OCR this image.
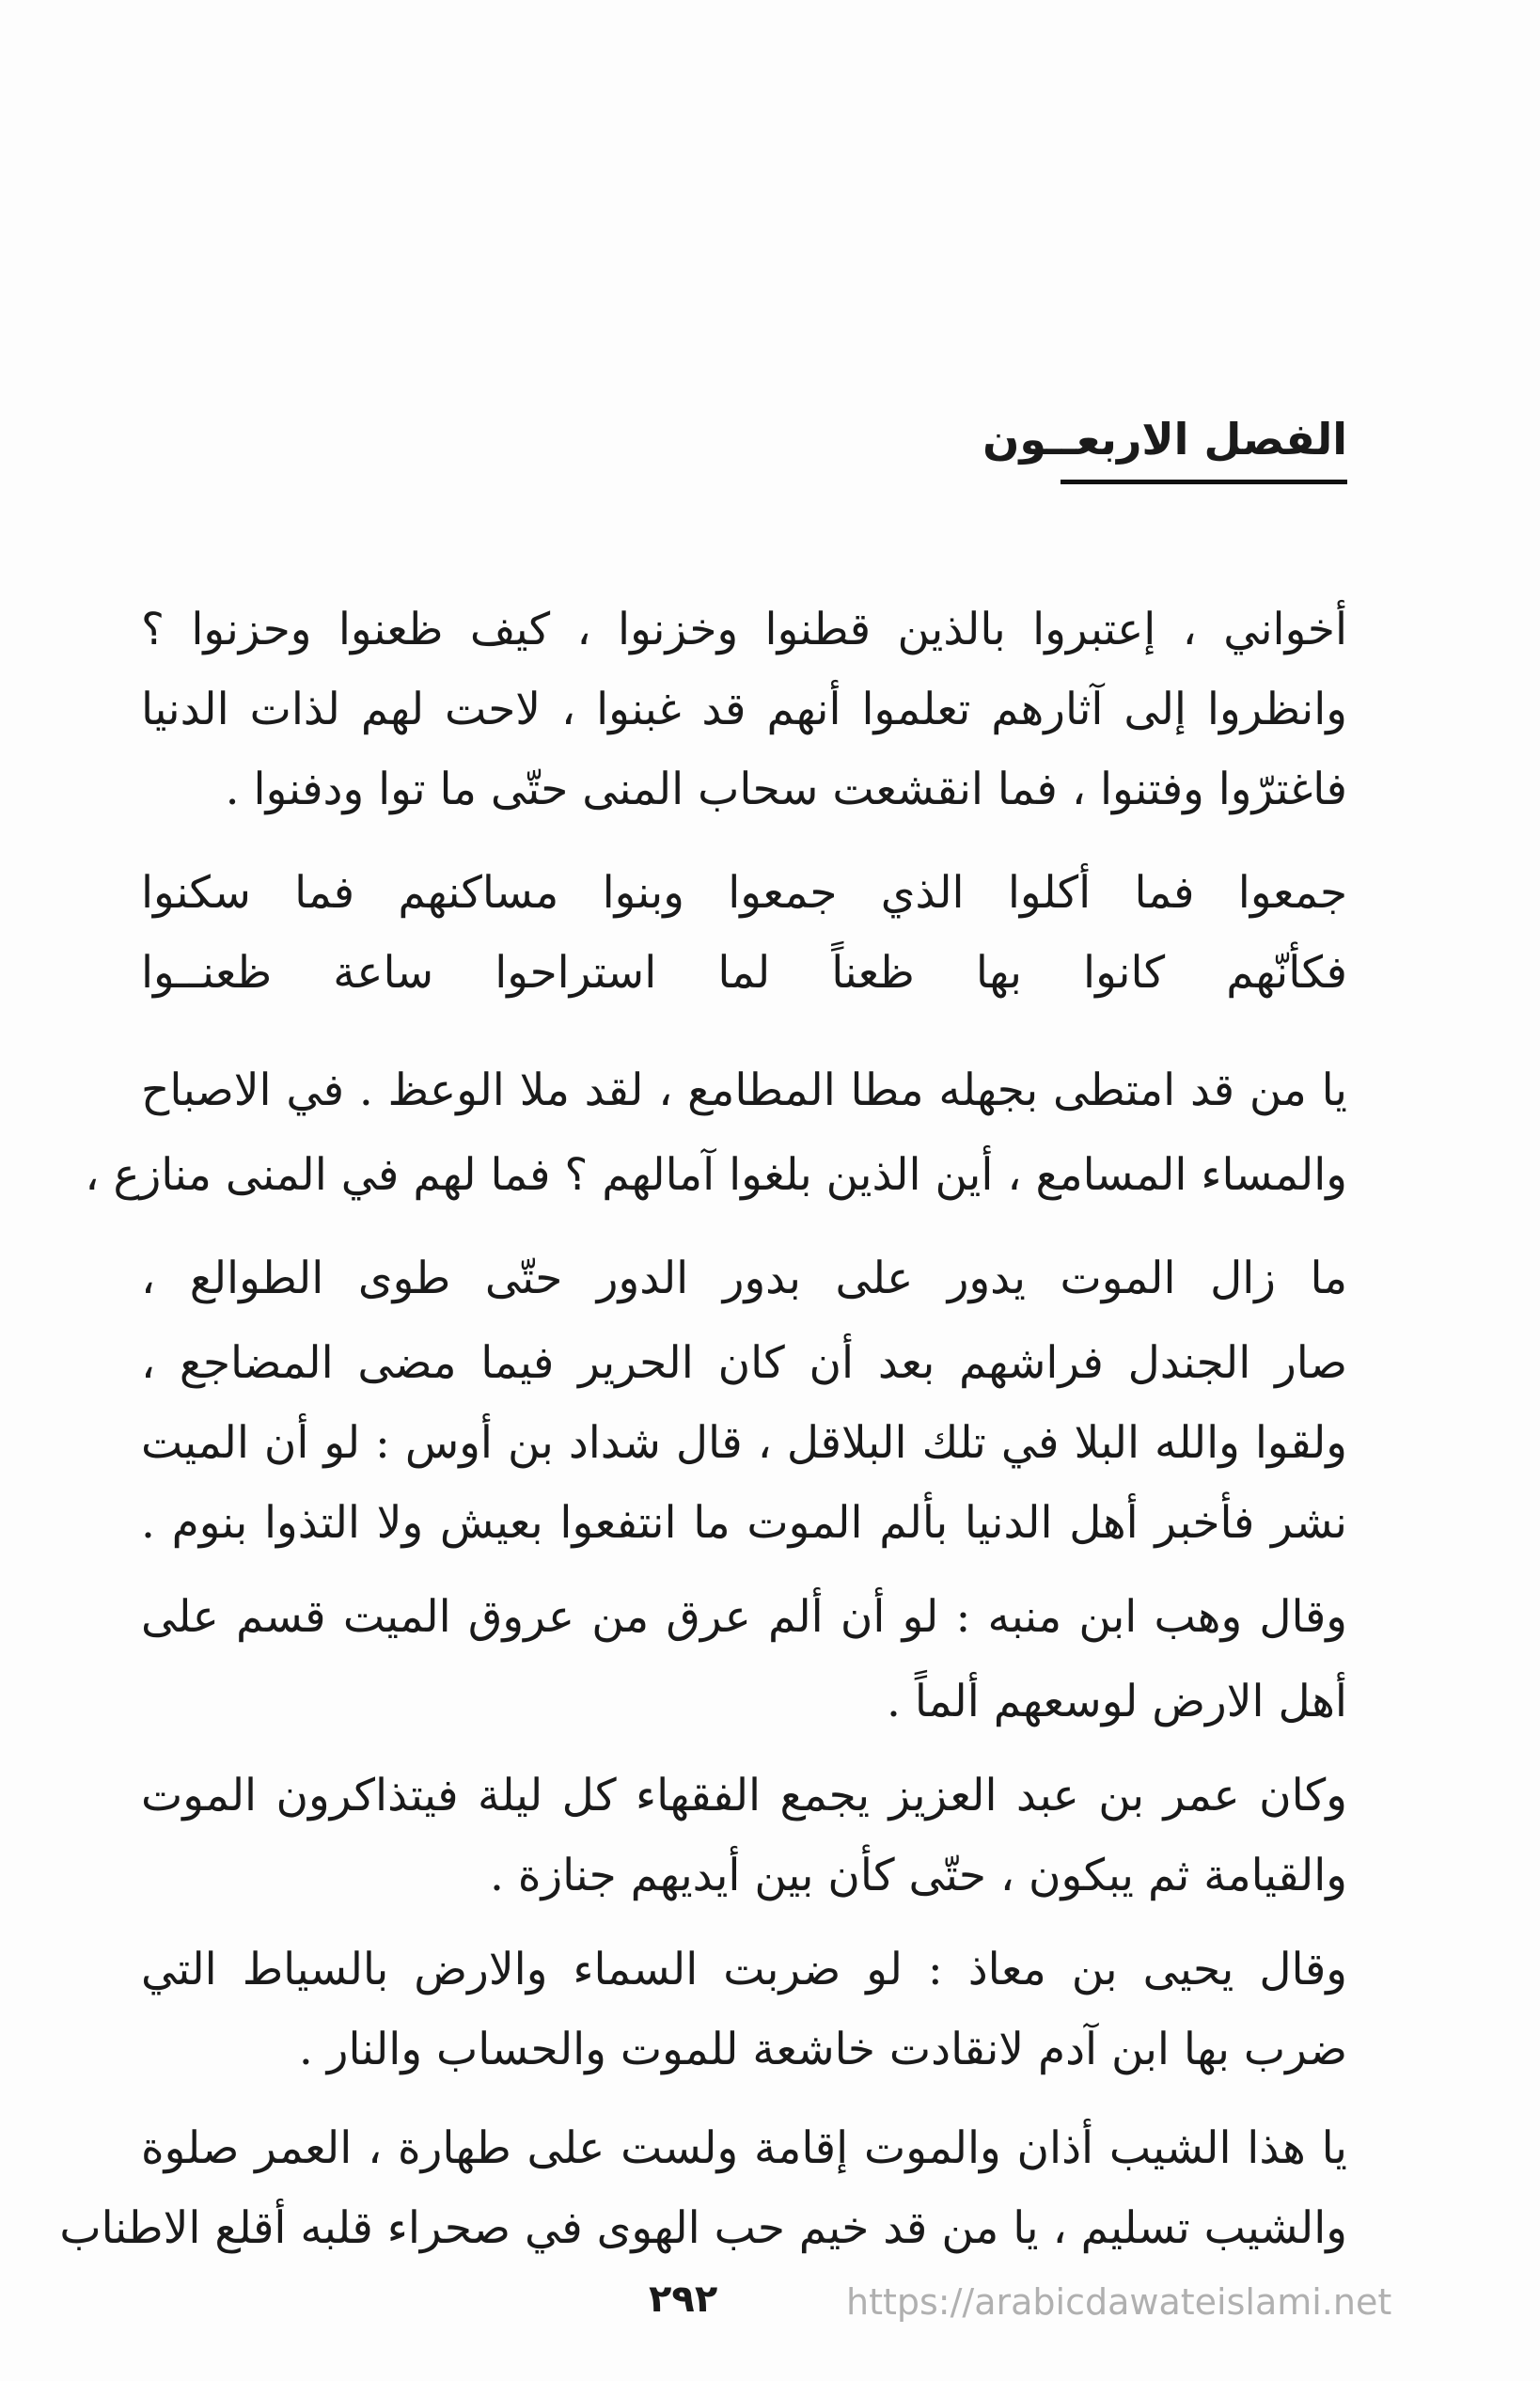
الفصل الاربعــون
أخواني ، إعتبروا بالذين قطنوا وخزنوا ، كيف ظعنوا وحزنوا ؟
وانظروا إلى آثارهم تعلموا أنهم قد غبنوا ، لاحت لهم لذات الدنيا
فاغترّوا وفتنوا ، فما انقشعت سحاب المنى حتّى ما توا ودفنوا .
جمعوا فما أكلوا الذي جمعوا وبنوا مساكنهم فما سكنوا
فكأنّهم كانوا بها ظعناً لما استراحوا ساعة ظعنــوا
يا من قد امتطى بجهله مطا المطامع ، لقد ملا الوعظ . في الاصباح
والمساء المسامع ، أين الذين بلغوا آمالهم ؟ فما لهم في المنى منازع ،
ما زال الموت يدور على بدور الدور حتّى طوى الطوالع ،
صار الجندل فراشهم بعد أن كان الحرير فيما مضى المضاجع ،
ولقوا والله البلا في تلك البلاقل ، قال شداد بن أوس : لو أن الميت
نشر فأخبر أهل الدنيا بألم الموت ما انتفعوا بعيش ولا التذوا بنوم .
وقال وهب ابن منبه : لو أن ألم عرق من عروق الميت قسم على
أهل الارض لوسعهم ألماً .
وكان عمر بن عبد العزيز يجمع الفقهاء كل ليلة فيتذاكرون الموت
والقيامة ثم يبكون ، حتّى كأن بين أيديهم جنازة .
وقال يحيى بن معاذ : لو ضربت السماء والارض بالسياط التي
ضرب بها ابن آدم لانقادت خاشعة للموت والحساب والنار .
يا هذا الشيب أذان والموت إقامة ولست على طهارة ، العمر صلوة
والشيب تسليم ، يا من قد خيم حب الهوى في صحراء قلبه أقلع الاطناب
٢٩٢	https://arabicdawateislami.net
